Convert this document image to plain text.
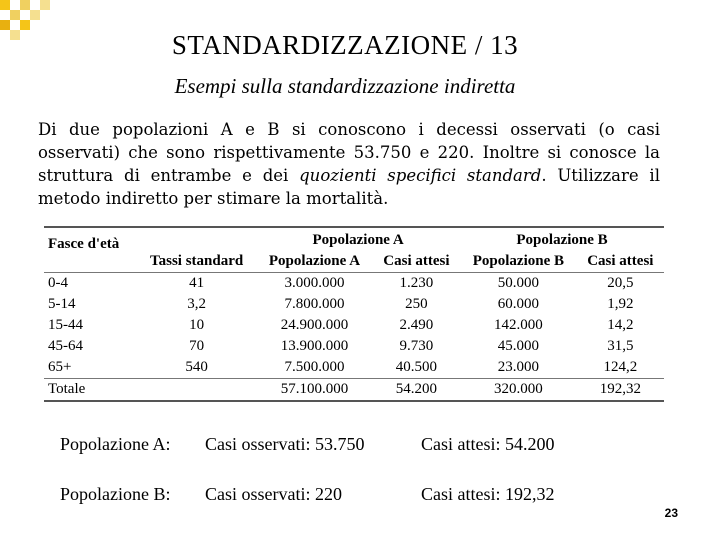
STANDARDIZZAZIONE / 13
Esempi sulla standardizzazione indiretta
Di due popolazioni A e B si conoscono i decessi osservati (o casi osservati) che sono rispettivamente 53.750 e 220. Inoltre si conosce la struttura di entrambe e dei quozienti specifici standard. Utilizzare il metodo indiretto per stimare la mortalità.
Fasce d'età		Popolazione A		Popolazione B	
	Tassi standard	Popolazione A	Casi attesi	Popolazione B	Casi attesi
0-4	41	3.000.000	1.230	50.000	20,5
5-14	3,2	7.800.000	250	60.000	1,92
15-44	10	24.900.000	2.490	142.000	14,2
45-64	70	13.900.000	9.730	45.000	31,5
65+	540	7.500.000	40.500	23.000	124,2
Totale		57.100.000	54.200	320.000	192,32
Popolazione A: Casi osservati: 53.750	Casi attesi: 54.200
Popolazione B: Casi osservati: 220	Casi attesi: 192,32
23
